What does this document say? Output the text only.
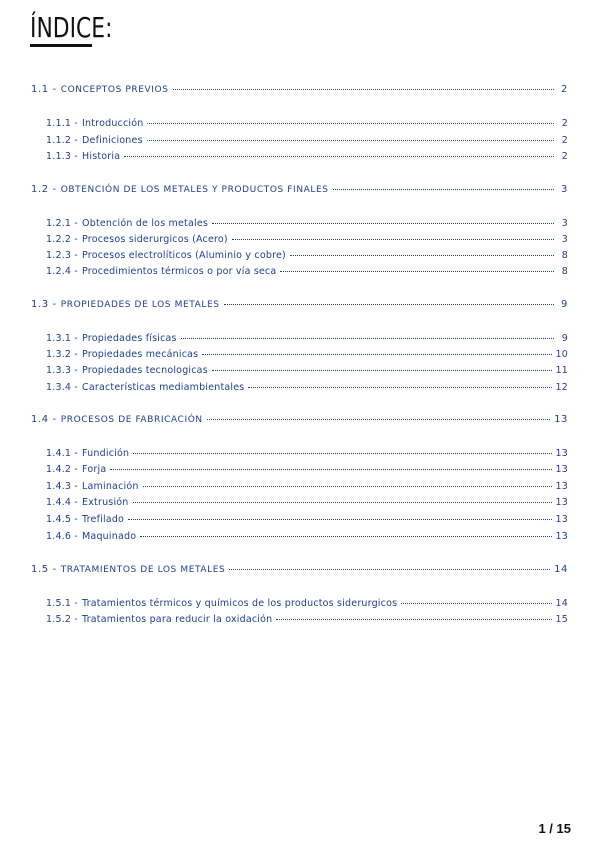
ÍNDICE:
1.1 - CONCEPTOS PREVIOS	2
1.1.1 - Introducción	2
1.1.2 - Definiciones	2
1.1.3 - Historia	2
1.2 - OBTENCIÓN DE LOS METALES Y PRODUCTOS FINALES	3
1.2.1 - Obtención de los metales	3
1.2.2 - Procesos siderurgicos (Acero)	3
1.2.3 - Procesos electrolíticos (Aluminio y cobre)	8
1.2.4 - Procedimientos térmicos o por vía seca	8
1.3 - PROPIEDADES DE LOS METALES	9
1.3.1 - Propiedades físicas	9
1.3.2 - Propiedades mecánicas	10
1.3.3 - Propiedades tecnologicas	11
1.3.4 - Características mediambientales	12
1.4 - PROCESOS DE FABRICACIÓN	13
1.4.1 - Fundición	13
1.4.2 - Forja	13
1.4.3 - Laminación	13
1.4.4 - Extrusión	13
1.4.5 - Trefilado	13
1.4.6 - Maquinado	13
1.5 - TRATAMIENTOS DE LOS METALES	14
1.5.1 - Tratamientos térmicos y químicos de los productos siderurgicos	14
1.5.2 - Tratamientos para reducir la oxidación	15
1 / 15
